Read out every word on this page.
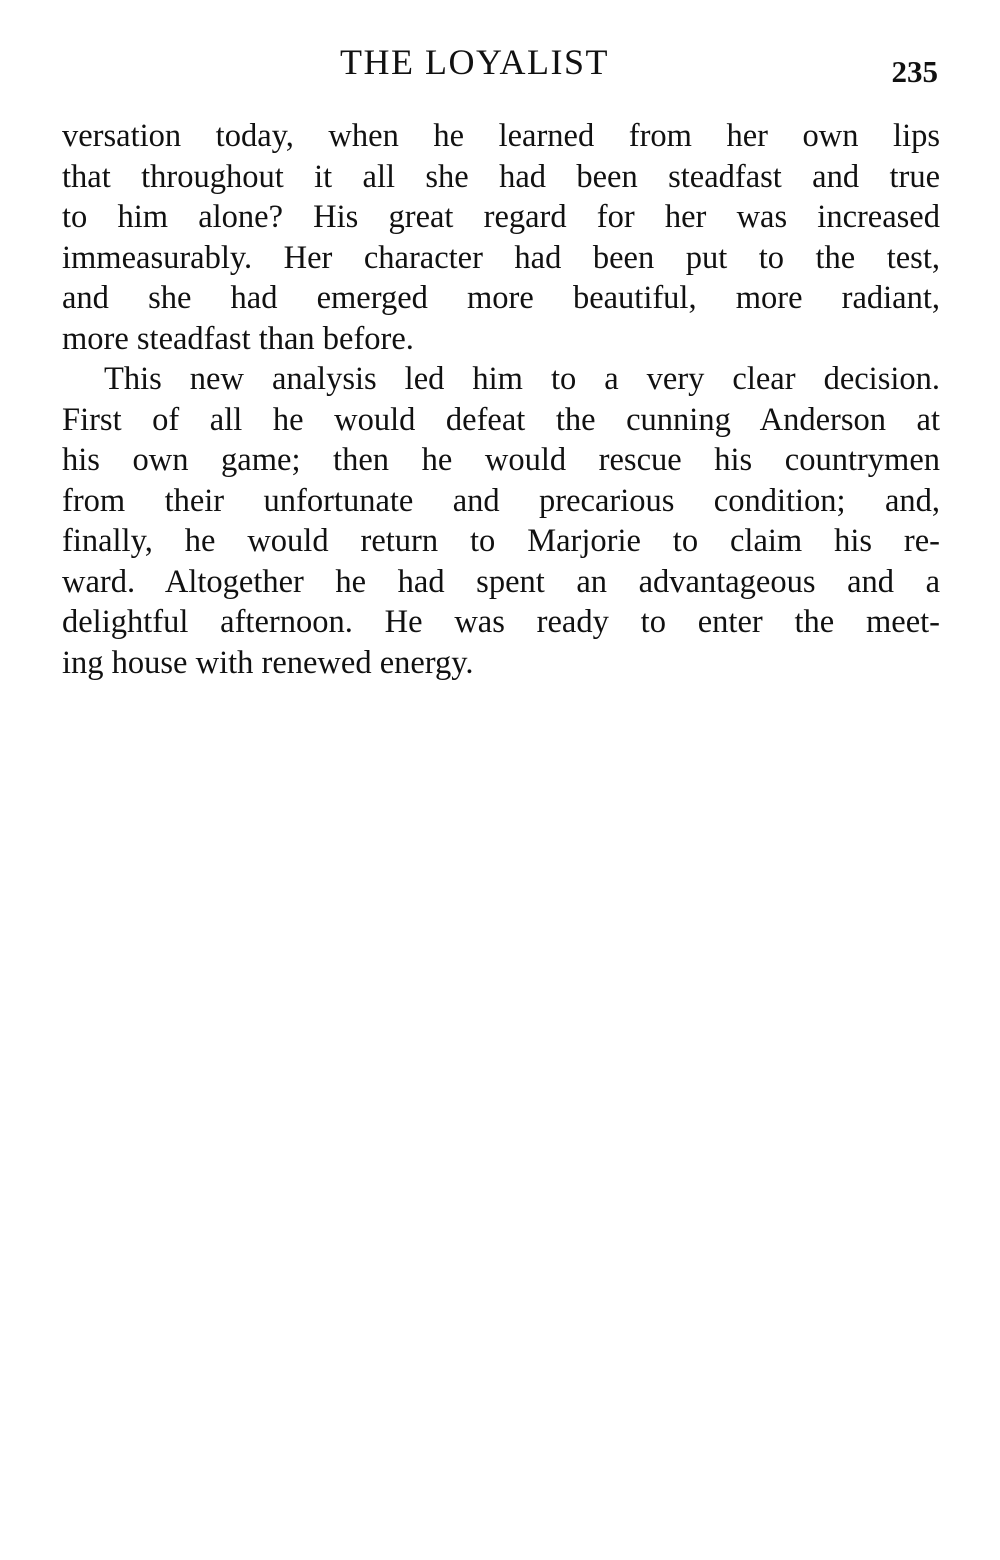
THE LOYALIST	235
versation today, when he learned from her own lips
that throughout it all she had been steadfast and true
to him alone? His great regard for her was increased
immeasurably. Her character had been put to the test,
and she had emerged more beautiful, more radiant,
more steadfast than before.
This new analysis led him to a very clear decision.
First of all he would defeat the cunning Anderson at
his own game; then he would rescue his countrymen
from their unfortunate and precarious condition; and,
finally, he would return to Marjorie to claim his re-
ward. Altogether he had spent an advantageous and a
delightful afternoon. He was ready to enter the meet-
ing house with renewed energy.
